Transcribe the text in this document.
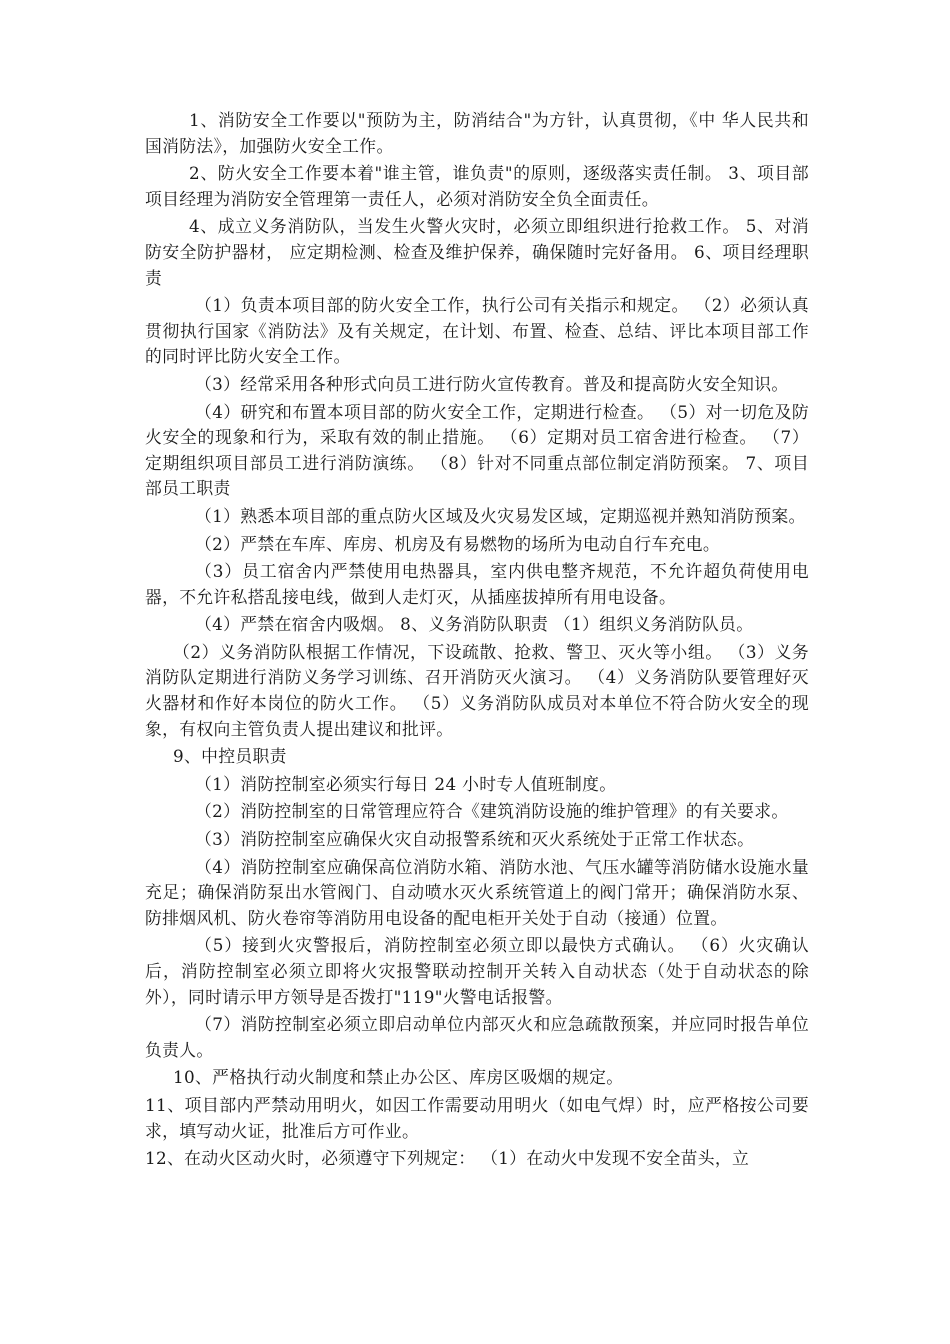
1、消防安全工作要以"预防为主，防消结合"为方针，认真贯彻，《中 华人民共和国消防法》，加强防火安全工作。

2、防火安全工作要本着"谁主管，谁负责"的原则，逐级落实责任制。 3、项目部项目经理为消防安全管理第一责任人，必须对消防安全负全面责任。

4、成立义务消防队，当发生火警火灾时，必须立即组织进行抢救工作。 5、对消防安全防护器材， 应定期检测、检查及维护保养，确保随时完好备用。 6、项目经理职责

（1）负责本项目部的防火安全工作，执行公司有关指示和规定。 （2）必须认真贯彻执行国家《消防法》及有关规定，在计划、布置、检查、总结、评比本项目部工作的同时评比防火安全工作。

（3）经常采用各种形式向员工进行防火宣传教育。普及和提高防火安全知识。

（4）研究和布置本项目部的防火安全工作，定期进行检查。 （5）对一切危及防火安全的现象和行为，采取有效的制止措施。 （6）定期对员工宿舍进行检查。 （7）定期组织项目部员工进行消防演练。 （8）针对不同重点部位制定消防预案。 7、项目部员工职责

（1）熟悉本项目部的重点防火区域及火灾易发区域，定期巡视并熟知消防预案。

（2）严禁在车库、库房、机房及有易燃物的场所为电动自行车充电。

（3）员工宿舍内严禁使用电热器具，室内供电整齐规范，不允许超负荷使用电器，不允许私搭乱接电线，做到人走灯灭，从插座拔掉所有用电设备。

（4）严禁在宿舍内吸烟。 8、义务消防队职责 （1）组织义务消防队员。

（2）义务消防队根据工作情况，下设疏散、抢救、警卫、灭火等小组。 （3）义务消防队定期进行消防义务学习训练、召开消防灭火演习。 （4）义务消防队要管理好灭火器材和作好本岗位的防火工作。 （5）义务消防队成员对本单位不符合防火安全的现象，有权向主管负责人提出建议和批评。

9、中控员职责

（1）消防控制室必须实行每日 24 小时专人值班制度。

（2）消防控制室的日常管理应符合《建筑消防设施的维护管理》的有关要求。

（3）消防控制室应确保火灾自动报警系统和灭火系统处于正常工作状态。

（4）消防控制室应确保高位消防水箱、消防水池、气压水罐等消防储水设施水量充足；确保消防泵出水管阀门、自动喷水灭火系统管道上的阀门常开；确保消防水泵、防排烟风机、防火卷帘等消防用电设备的配电柜开关处于自动（接通）位置。

（5）接到火灾警报后，消防控制室必须立即以最快方式确认。 （6）火灾确认后，消防控制室必须立即将火灾报警联动控制开关转入自动状态（处于自动状态的除外），同时请示甲方领导是否拨打"119"火警电话报警。

（7）消防控制室必须立即启动单位内部灭火和应急疏散预案，并应同时报告单位负责人。

10、严格执行动火制度和禁止办公区、库房区吸烟的规定。

11、项目部内严禁动用明火，如因工作需要动用明火（如电气焊）时，应严格按公司要求，填写动火证，批准后方可作业。

12、在动火区动火时，必须遵守下列规定： （1）在动火中发现不安全苗头，立
